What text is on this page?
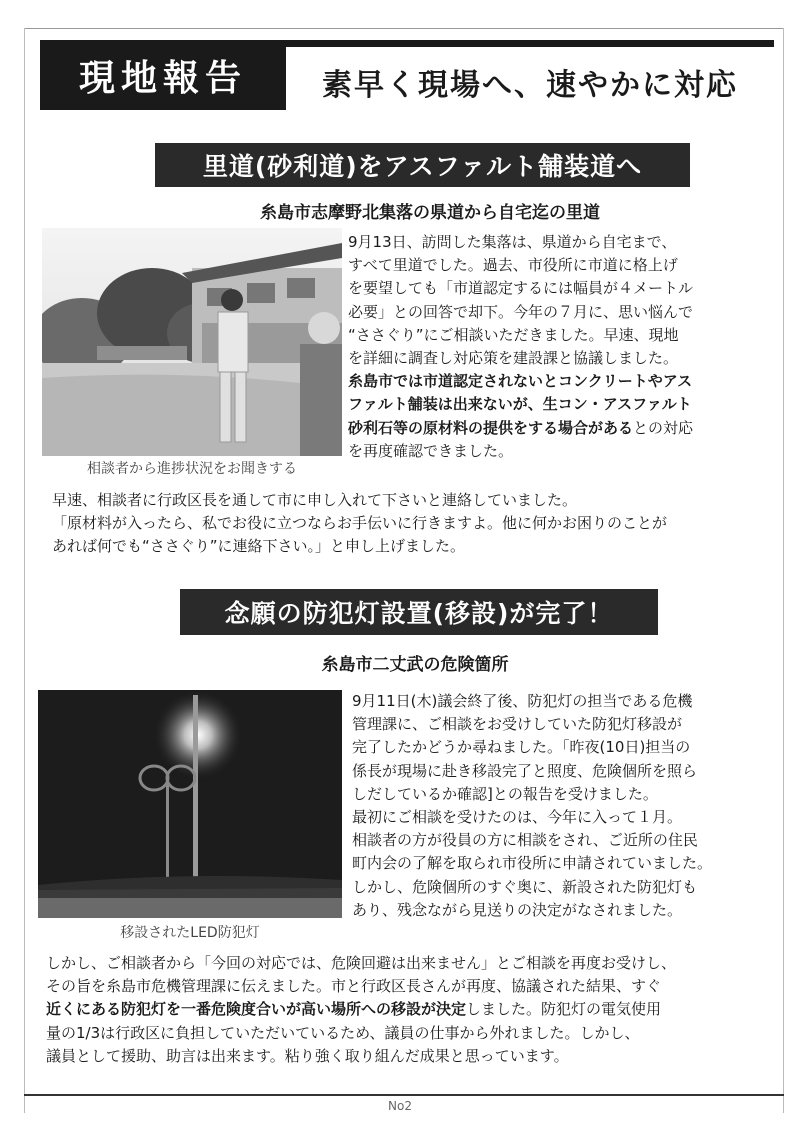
現地報告	素早く現場へ、速やかに対応
里道(砂利道)をアスファルト舗装道へ
糸島市志摩野北集落の県道から自宅迄の里道
相談者から進捗状況をお聞きする
9月13日、訪問した集落は、県道から自宅まで、
すべて里道でした。過去、市役所に市道に格上げ
を要望しても「市道認定するには幅員が４メートル
必要」との回答で却下。今年の７月に、思い悩んで
“ささぐり”にご相談いただきました。早速、現地
を詳細に調査し対応策を建設課と協議しました。
糸島市では市道認定されないとコンクリートやアス
ファルト舗装は出来ないが、生コン・アスファルト
砂利石等の原材料の提供をする場合があるとの対応
を再度確認できました。
早速、相談者に行政区長を通して市に申し入れて下さいと連絡していました。
「原材料が入ったら、私でお役に立つならお手伝いに行きますよ。他に何かお困りのことが
あれば何でも“ささぐり”に連絡下さい。」と申し上げました。
念願の防犯灯設置(移設)が完了！
糸島市二丈武の危険箇所
移設されたLED防犯灯
9月11日(木)議会終了後、防犯灯の担当である危機
管理課に、ご相談をお受けしていた防犯灯移設が
完了したかどうか尋ねました。「昨夜(10日)担当の
係長が現場に赴き移設完了と照度、危険個所を照ら
しだしているか確認]との報告を受けました。
最初にご相談を受けたのは、今年に入って１月。
相談者の方が役員の方に相談をされ、ご近所の住民
町内会の了解を取られ市役所に申請されていました。
しかし、危険個所のすぐ奥に、新設された防犯灯も
あり、残念ながら見送りの決定がなされました。
しかし、ご相談者から「今回の対応では、危険回避は出来ません」とご相談を再度お受けし、
その旨を糸島市危機管理課に伝えました。市と行政区長さんが再度、協議された結果、すぐ
近くにある防犯灯を一番危険度合いが高い場所への移設が決定しました。防犯灯の電気使用
量の1/3は行政区に負担していただいているため、議員の仕事から外れました。しかし、
議員として援助、助言は出来ます。粘り強く取り組んだ成果と思っています。
No2
